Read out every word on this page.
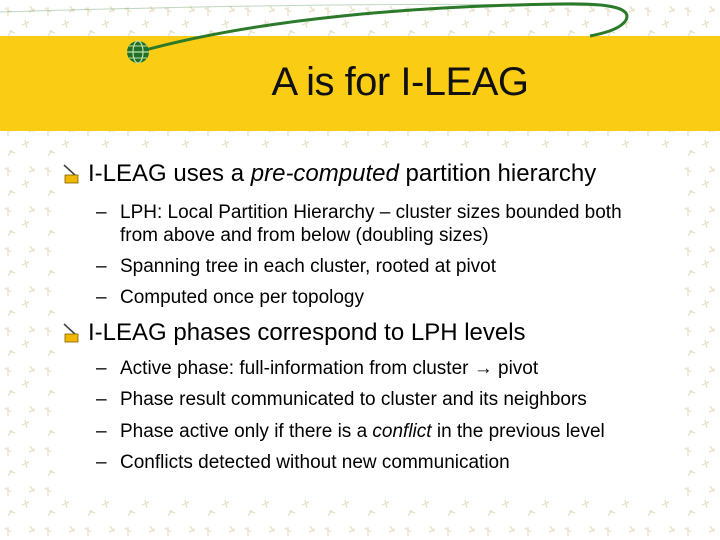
A is for I-LEAG
I-LEAG uses a pre-computed partition hierarchy
– LPH: Local Partition Hierarchy – cluster sizes bounded both from above and from below (doubling sizes)
– Spanning tree in each cluster, rooted at pivot
– Computed once per topology
I-LEAG phases correspond to LPH levels
– Active phase: full-information from cluster → pivot
– Phase result communicated to cluster and its neighbors
– Phase active only if there is a conflict in the previous level
– Conflicts detected without new communication
